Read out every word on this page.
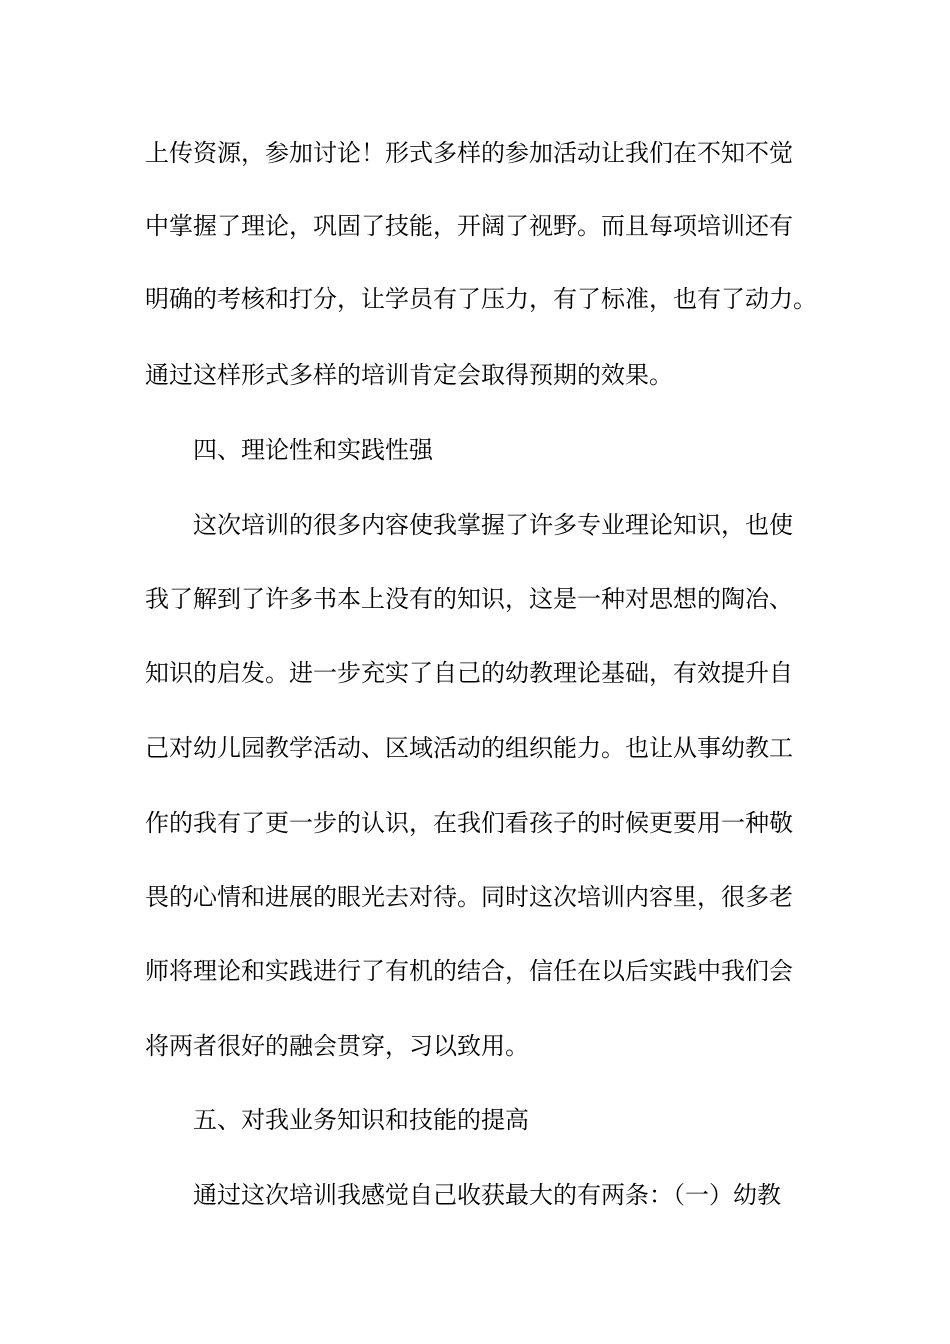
上传资源，参加讨论！形式多样的参加活动让我们在不知不觉
中掌握了理论，巩固了技能，开阔了视野。而且每项培训还有
明确的考核和打分，让学员有了压力，有了标准，也有了动力。
通过这样形式多样的培训肯定会取得预期的效果。
四、理论性和实践性强
这次培训的很多内容使我掌握了许多专业理论知识，也使
我了解到了许多书本上没有的知识，这是一种对思想的陶冶、
知识的启发。进一步充实了自己的幼教理论基础，有效提升自
己对幼儿园教学活动、区域活动的组织能力。也让从事幼教工
作的我有了更一步的认识，在我们看孩子的时候更要用一种敬
畏的心情和进展的眼光去对待。同时这次培训内容里，很多老
师将理论和实践进行了有机的结合，信任在以后实践中我们会
将两者很好的融会贯穿，习以致用。
五、对我业务知识和技能的提高
通过这次培训我感觉自己收获最大的有两条：（一）幼教
